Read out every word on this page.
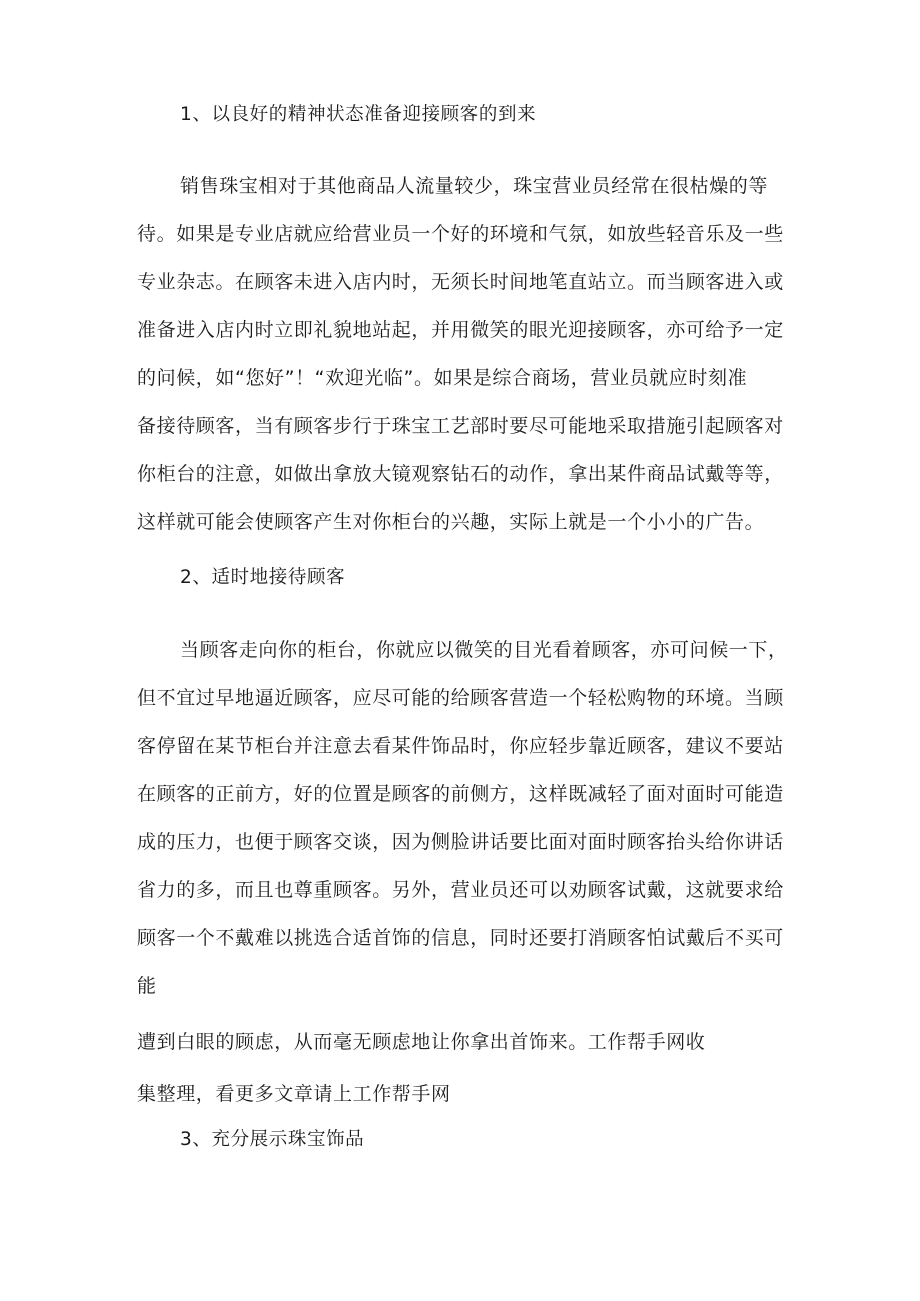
1、以良好的精神状态准备迎接顾客的到来
销售珠宝相对于其他商品人流量较少，珠宝营业员经常在很枯燥的等
待。如果是专业店就应给营业员一个好的环境和气氛，如放些轻音乐及一些
专业杂志。在顾客未进入店内时，无须长时间地笔直站立。而当顾客进入或
准备进入店内时立即礼貌地站起，并用微笑的眼光迎接顾客，亦可给予一定
的问候，如“您好”！“欢迎光临”。如果是综合商场，营业员就应时刻准
备接待顾客，当有顾客步行于珠宝工艺部时要尽可能地采取措施引起顾客对
你柜台的注意，如做出拿放大镜观察钻石的动作，拿出某件商品试戴等等，
这样就可能会使顾客产生对你柜台的兴趣，实际上就是一个小小的广告。
2、适时地接待顾客
当顾客走向你的柜台，你就应以微笑的目光看着顾客，亦可问候一下，
但不宜过早地逼近顾客，应尽可能的给顾客营造一个轻松购物的环境。当顾
客停留在某节柜台并注意去看某件饰品时，你应轻步靠近顾客，建议不要站
在顾客的正前方，好的位置是顾客的前侧方，这样既减轻了面对面时可能造
成的压力，也便于顾客交谈，因为侧脸讲话要比面对面时顾客抬头给你讲话
省力的多，而且也尊重顾客。另外，营业员还可以劝顾客试戴，这就要求给
顾客一个不戴难以挑选合适首饰的信息，同时还要打消顾客怕试戴后不买可
能
遭到白眼的顾虑，从而毫无顾虑地让你拿出首饰来。工作帮手网收
集整理，看更多文章请上工作帮手网
3、充分展示珠宝饰品
